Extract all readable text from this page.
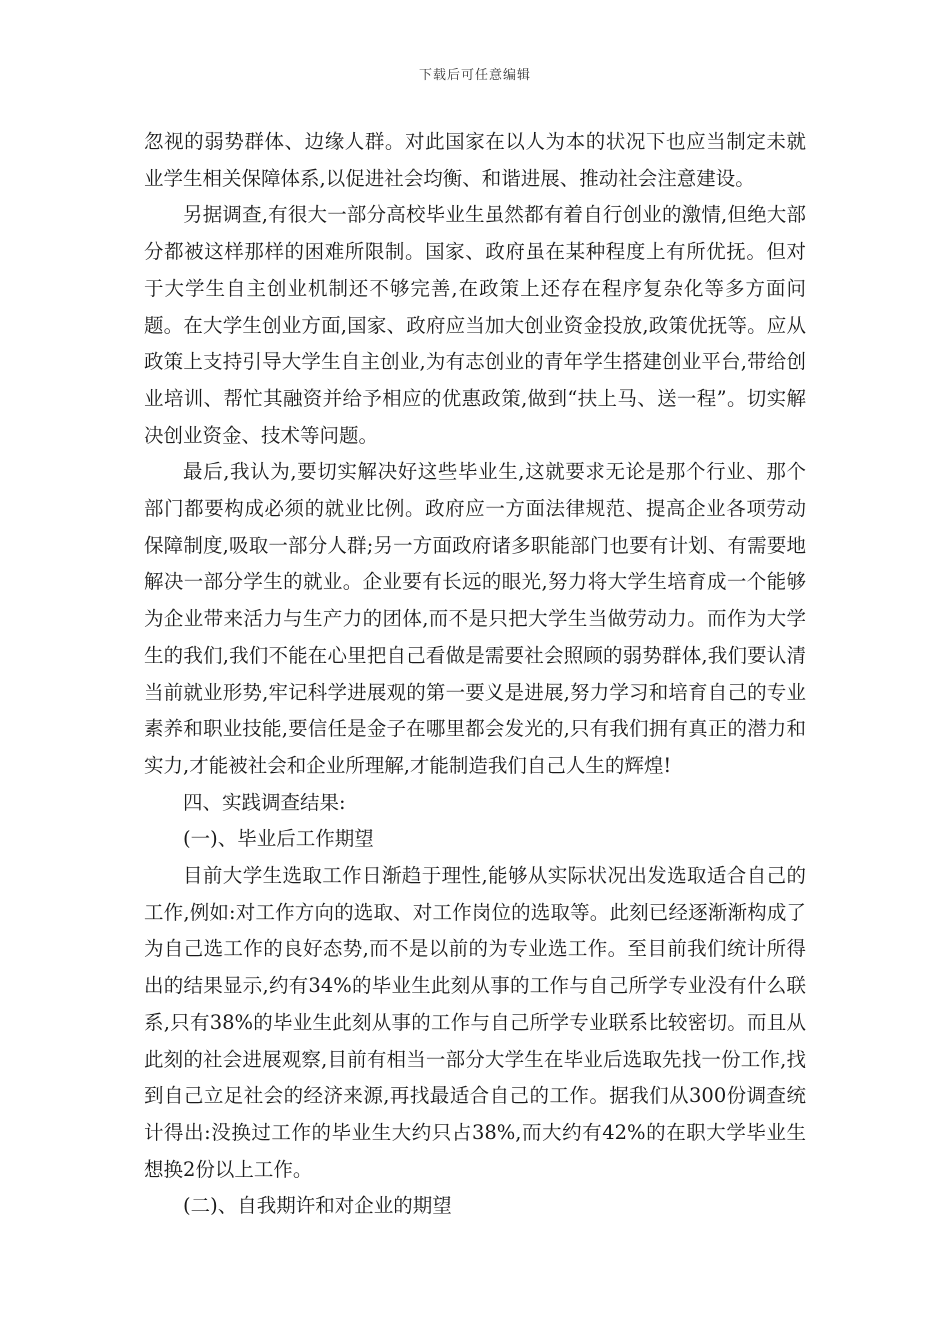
下载后可任意编辑

忽视的弱势群体、边缘人群。对此国家在以人为本的状况下也应当制定未就业学生相关保障体系,以促进社会均衡、和谐进展、推动社会注意建设。

另据调查,有很大一部分高校毕业生虽然都有着自行创业的激情,但绝大部分都被这样那样的困难所限制。国家、政府虽在某种程度上有所优抚。但对于大学生自主创业机制还不够完善,在政策上还存在程序复杂化等多方面问题。在大学生创业方面,国家、政府应当加大创业资金投放,政策优抚等。应从政策上支持引导大学生自主创业,为有志创业的青年学生搭建创业平台,带给创业培训、帮忙其融资并给予相应的优惠政策,做到“扶上马、送一程”。切实解决创业资金、技术等问题。

最后,我认为,要切实解决好这些毕业生,这就要求无论是那个行业、那个部门都要构成必须的就业比例。政府应一方面法律规范、提高企业各项劳动保障制度,吸取一部分人群;另一方面政府诸多职能部门也要有计划、有需要地解决一部分学生的就业。企业要有长远的眼光,努力将大学生培育成一个能够为企业带来活力与生产力的团体,而不是只把大学生当做劳动力。而作为大学生的我们,我们不能在心里把自己看做是需要社会照顾的弱势群体,我们要认清当前就业形势,牢记科学进展观的第一要义是进展,努力学习和培育自己的专业素养和职业技能,要信任是金子在哪里都会发光的,只有我们拥有真正的潜力和实力,才能被社会和企业所理解,才能制造我们自己人生的辉煌!

四、实践调查结果:

(一)、毕业后工作期望

目前大学生选取工作日渐趋于理性,能够从实际状况出发选取适合自己的工作,例如:对工作方向的选取、对工作岗位的选取等。此刻已经逐渐渐构成了为自己选工作的良好态势,而不是以前的为专业选工作。至目前我们统计所得出的结果显示,约有34%的毕业生此刻从事的工作与自己所学专业没有什么联系,只有38%的毕业生此刻从事的工作与自己所学专业联系比较密切。而且从此刻的社会进展观察,目前有相当一部分大学生在毕业后选取先找一份工作,找到自己立足社会的经济来源,再找最适合自己的工作。据我们从300份调查统计得出:没换过工作的毕业生大约只占38%,而大约有42%的在职大学毕业生想换2份以上工作。

(二)、自我期许和对企业的期望
